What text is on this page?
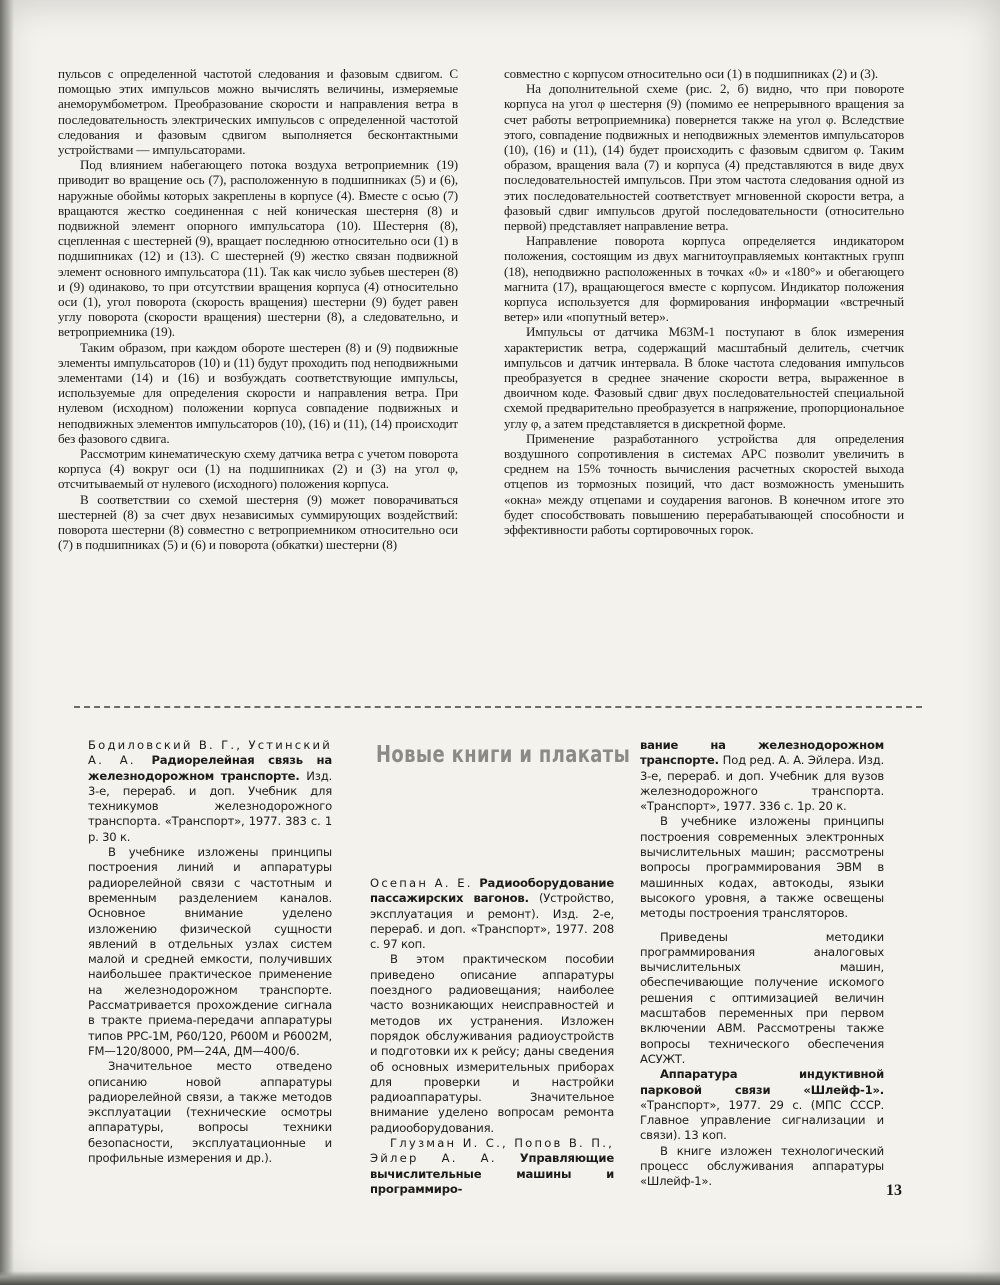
пульсов с определенной частотой следования и фазовым сдвигом. С помощью этих импульсов можно вычислять величины, измеряемые анеморумбометром. Преобразование скорости и направления ветра в последовательность электрических импульсов с определенной частотой следования и фазовым сдвигом выполняется бесконтактными устройствами — импульсаторами.

Под влиянием набегающего потока воздуха ветроприемник (19) приводит во вращение ось (7), расположенную в подшипниках (5) и (6), наружные обоймы которых закреплены в корпусе (4). Вместе с осью (7) вращаются жестко соединенная с ней коническая шестерня (8) и подвижной элемент опорного импульсатора (10). Шестерня (8), сцепленная с шестерней (9), вращает последнюю относительно оси (1) в подшипниках (12) и (13). С шестерней (9) жестко связан подвижной элемент основного импульсатора (11). Так как число зубьев шестерен (8) и (9) одинаково, то при отсутствии вращения корпуса (4) относительно оси (1), угол поворота (скорость вращения) шестерни (9) будет равен углу поворота (скорости вращения) шестерни (8), а следовательно, и ветроприемника (19).

Таким образом, при каждом обороте шестерен (8) и (9) подвижные элементы импульсаторов (10) и (11) будут проходить под неподвижными элементами (14) и (16) и возбуждать соответствующие импульсы, используемые для определения скорости и направления ветра. При нулевом (исходном) положении корпуса совпадение подвижных и неподвижных элементов импульсаторов (10), (16) и (11), (14) происходит без фазового сдвига.

Рассмотрим кинематическую схему датчика ветра с учетом поворота корпуса (4) вокруг оси (1) на подшипниках (2) и (3) на угол φ, отсчитываемый от нулевого (исходного) положения корпуса.

В соответствии со схемой шестерня (9) может поворачиваться шестерней (8) за счет двух независимых суммирующих воздействий: поворота шестерни (8) совместно с ветроприемником относительно оси (7) в подшипниках (5) и (6) и поворота (обкатки) шестерни (8)

совместно с корпусом относительно оси (1) в подшипниках (2) и (3).

На дополнительной схеме (рис. 2, б) видно, что при повороте корпуса на угол φ шестерня (9) (помимо ее непрерывного вращения за счет работы ветроприемника) повернется также на угол φ. Вследствие этого, совпадение подвижных и неподвижных элементов импульсаторов (10), (16) и (11), (14) будет происходить с фазовым сдвигом φ. Таким образом, вращения вала (7) и корпуса (4) представляются в виде двух последовательностей импульсов. При этом частота следования одной из этих последовательностей соответствует мгновенной скорости ветра, а фазовый сдвиг импульсов другой последовательности (относительно первой) представляет направление ветра.

Направление поворота корпуса определяется индикатором положения, состоящим из двух магнитоуправляемых контактных групп (18), неподвижно расположенных в точках «0» и «180°» и обегающего магнита (17), вращающегося вместе с корпусом. Индикатор положения корпуса используется для формирования информации «встречный ветер» или «попутный ветер».

Импульсы от датчика М63М-1 поступают в блок измерения характеристик ветра, содержащий масштабный делитель, счетчик импульсов и датчик интервала. В блоке частота следования импульсов преобразуется в среднее значение скорости ветра, выраженное в двоичном коде. Фазовый сдвиг двух последовательностей специальной схемой предварительно преобразуется в напряжение, пропорциональное углу φ, а затем представляется в дискретной форме.

Применение разработанного устройства для определения воздушного сопротивления в системах АРС позволит увеличить в среднем на 15% точность вычисления расчетных скоростей выхода отцепов из тормозных позиций, что даст возможность уменьшить «окна» между отцепами и соударения вагонов. В конечном итоге это будет способствовать повышению перерабатывающей способности и эффективности работы сортировочных горок.

Бодиловский В. Г., Устинский А. А. Радиорелейная связь на железнодорожном транспорте. Изд. 3-е, перераб. и доп. Учебник для техникумов железнодорожного транспорта. «Транспорт», 1977. 383 с. 1 р. 30 к.

В учебнике изложены принципы построения линий и аппаратуры радиорелейной связи с частотным и временным разделением каналов. Основное внимание уделено изложению физической сущности явлений в отдельных узлах систем малой и средней емкости, получивших наибольшее практическое применение на железнодорожном транспорте. Рассматривается прохождение сигнала в тракте приема-передачи аппаратуры типов РРС-1М, Р60/120, Р600М и Р6002М, FM—120/8000, РМ—24А, ДМ—400/6.

Значительное место отведено описанию новой аппаратуры радиорелейной связи, а также методов эксплуатации (технические осмотры аппаратуры, вопросы техники безопасности, эксплуатационные и профильные измерения и др.).

Новые книги и плакаты

Осепан А. Е. Радиооборудование пассажирских вагонов. (Устройство, эксплуатация и ремонт). Изд. 2-е, перераб. и доп. «Транспорт», 1977. 208 с. 97 коп.

В этом практическом пособии приведено описание аппаратуры поездного радиовещания; наиболее часто возникающих неисправностей и методов их устранения. Изложен порядок обслуживания радиоустройств и подготовки их к рейсу; даны сведения об основных измерительных приборах для проверки и настройки радиоаппаратуры. Значительное внимание уделено вопросам ремонта радиооборудования.

Глузман И. С., Попов В. П., Эйлер А. А. Управляющие вычислительные машины и программиро-

вание на железнодорожном транспорте. Под ред. А. А. Эйлера. Изд. 3-е, перераб. и доп. Учебник для вузов железнодорожного транспорта. «Транспорт», 1977. 336 с. 1р. 20 к.

В учебнике изложены принципы построения современных электронных вычислительных машин; рассмотрены вопросы программирования ЭВМ в машинных кодах, автокоды, языки высокого уровня, а также освещены методы построения трансляторов.

Приведены методики программирования аналоговых вычислительных машин, обеспечивающие получение искомого решения с оптимизацией величин масштабов переменных при первом включении АВМ. Рассмотрены также вопросы технического обеспечения АСУЖТ.

Аппаратура индуктивной парковой связи «Шлейф-1». «Транспорт», 1977. 29 с. (МПС СССР. Главное управление сигнализации и связи). 13 коп.

В книге изложен технологический процесс обслуживания аппаратуры «Шлейф-1».

13
